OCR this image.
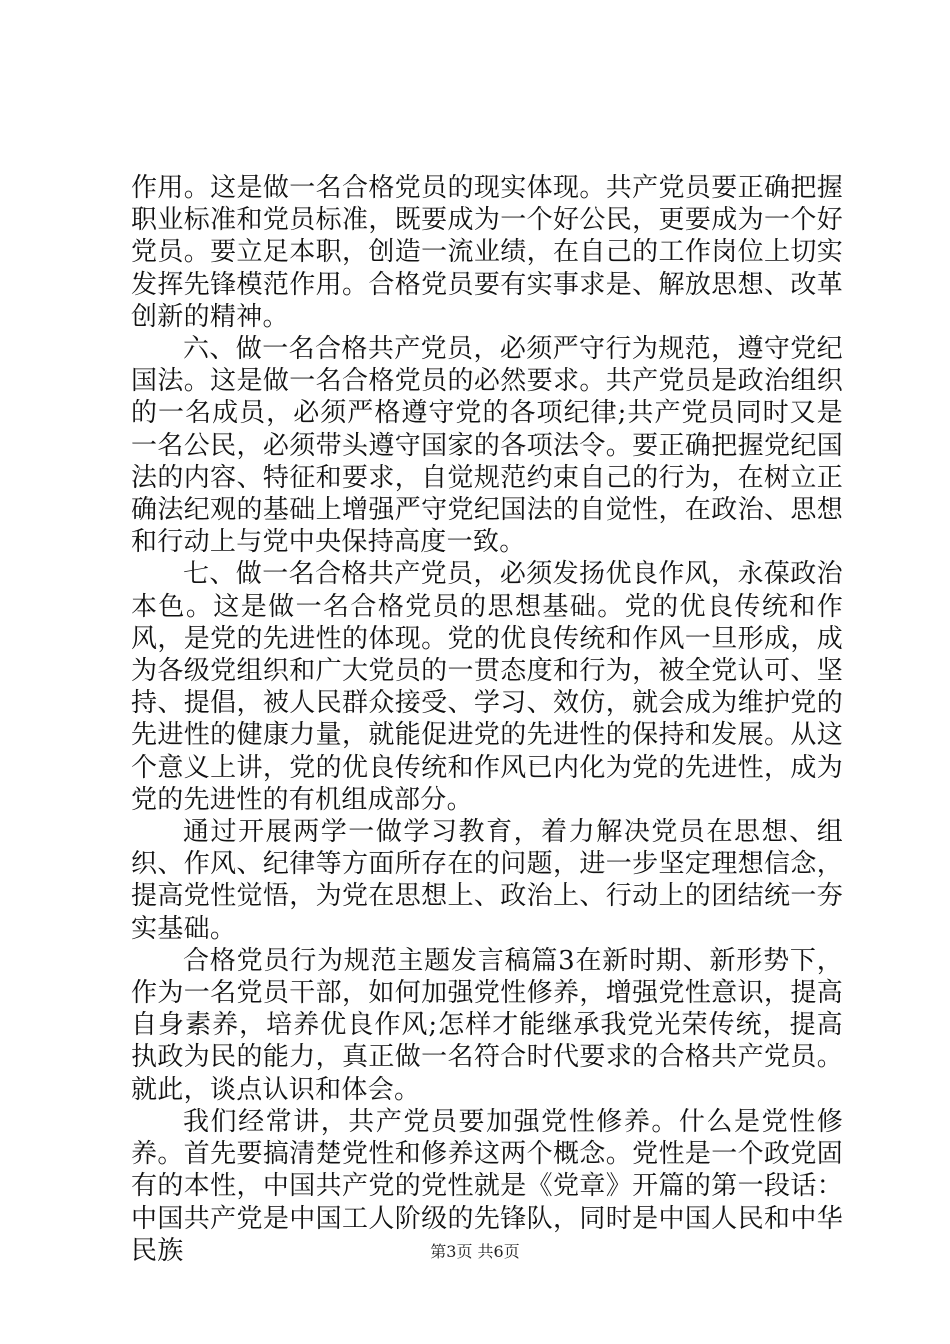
作用。这是做一名合格党员的现实体现。共产党员要正确把握职业标准和党员标准，既要成为一个好公民，更要成为一个好党员。要立足本职，创造一流业绩，在自己的工作岗位上切实发挥先锋模范作用。合格党员要有实事求是、解放思想、改革创新的精神。

六、做一名合格共产党员，必须严守行为规范，遵守党纪国法。这是做一名合格党员的必然要求。共产党员是政治组织的一名成员，必须严格遵守党的各项纪律;共产党员同时又是一名公民，必须带头遵守国家的各项法令。要正确把握党纪国法的内容、特征和要求，自觉规范约束自己的行为，在树立正确法纪观的基础上增强严守党纪国法的自觉性，在政治、思想和行动上与党中央保持高度一致。

七、做一名合格共产党员，必须发扬优良作风，永葆政治本色。这是做一名合格党员的思想基础。党的优良传统和作风，是党的先进性的体现。党的优良传统和作风一旦形成，成为各级党组织和广大党员的一贯态度和行为，被全党认可、坚持、提倡，被人民群众接受、学习、效仿，就会成为维护党的先进性的健康力量，就能促进党的先进性的保持和发展。从这个意义上讲，党的优良传统和作风已内化为党的先进性，成为党的先进性的有机组成部分。

通过开展两学一做学习教育，着力解决党员在思想、组织、作风、纪律等方面所存在的问题，进一步坚定理想信念，提高党性觉悟，为党在思想上、政治上、行动上的团结统一夯实基础。

合格党员行为规范主题发言稿篇3在新时期、新形势下，作为一名党员干部，如何加强党性修养，增强党性意识，提高自身素养，培养优良作风;怎样才能继承我党光荣传统，提高执政为民的能力，真正做一名符合时代要求的合格共产党员。就此，谈点认识和体会。

我们经常讲，共产党员要加强党性修养。什么是党性修养。首先要搞清楚党性和修养这两个概念。党性是一个政党固有的本性，中国共产党的党性就是《党章》开篇的第一段话：中国共产党是中国工人阶级的先锋队，同时是中国人民和中华民族	第3页 共6页
